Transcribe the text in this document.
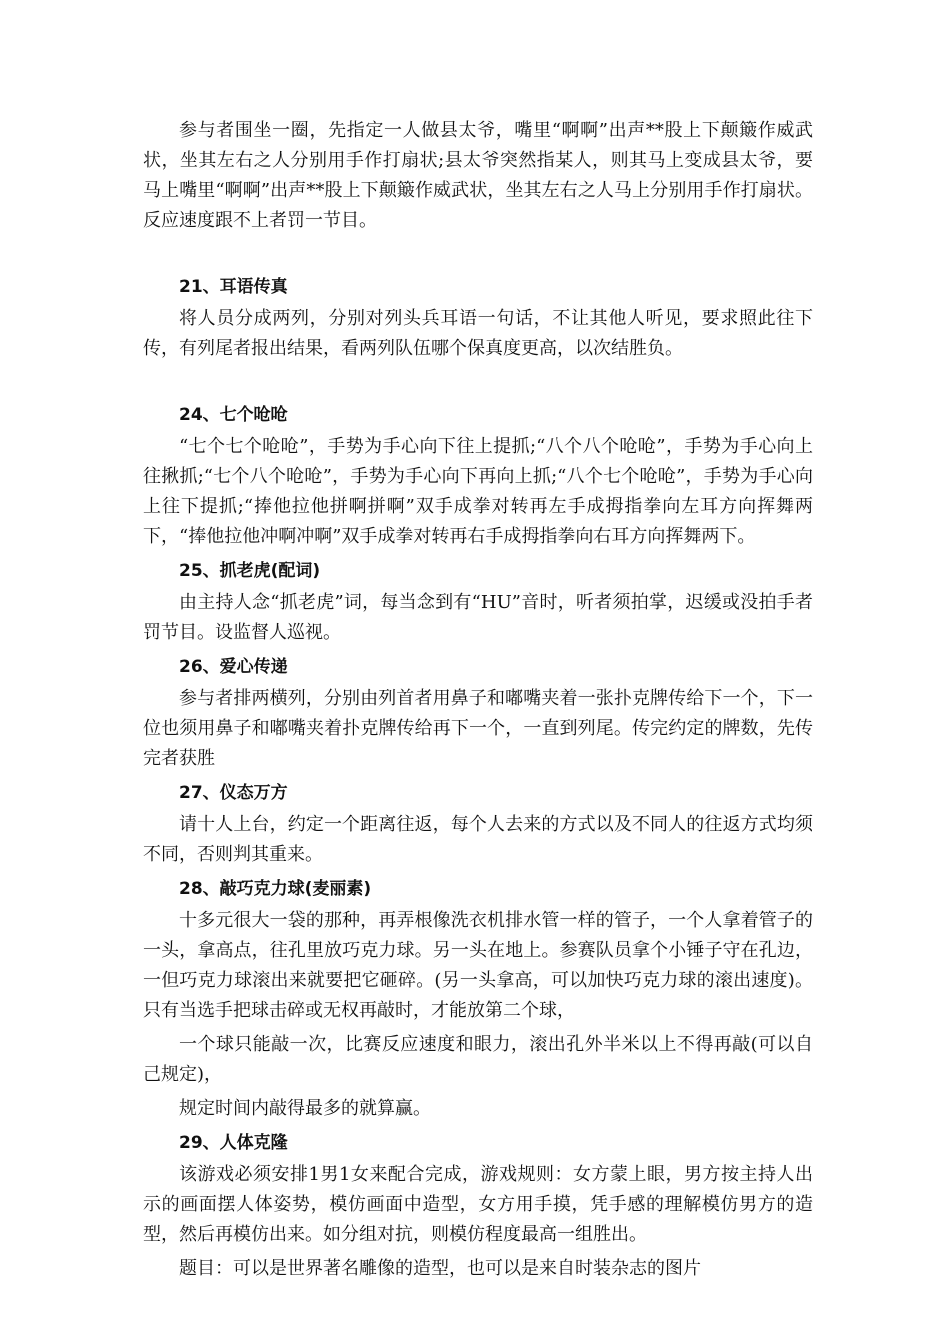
参与者围坐一圈，先指定一人做县太爷，嘴里“啊啊”出声**股上下颠簸作威武状，坐其左右之人分别用手作打扇状;县太爷突然指某人，则其马上变成县太爷，要马上嘴里“啊啊”出声**股上下颠簸作威武状，坐其左右之人马上分别用手作打扇状。反应速度跟不上者罚一节目。

21、耳语传真

将人员分成两列，分别对列头兵耳语一句话，不让其他人听见，要求照此往下传，有列尾者报出结果，看两列队伍哪个保真度更高，以次结胜负。

24、七个呛呛

“七个七个呛呛”，手势为手心向下往上提抓;“八个八个呛呛”，手势为手心向上往揪抓;“七个八个呛呛”，手势为手心向下再向上抓;“八个七个呛呛”，手势为手心向上往下提抓;“捧他拉他拼啊拼啊”双手成拳对转再左手成拇指拳向左耳方向挥舞两下，“捧他拉他冲啊冲啊”双手成拳对转再右手成拇指拳向右耳方向挥舞两下。

25、抓老虎(配词)

由主持人念“抓老虎”词，每当念到有“HU”音时，听者须拍掌，迟缓或没拍手者罚节目。设监督人巡视。

26、爱心传递

参与者排两横列，分别由列首者用鼻子和嘟嘴夹着一张扑克牌传给下一个，下一位也须用鼻子和嘟嘴夹着扑克牌传给再下一个，一直到列尾。传完约定的牌数，先传完者获胜

27、仪态万方

请十人上台，约定一个距离往返，每个人去来的方式以及不同人的往返方式均须不同，否则判其重来。

28、敲巧克力球(麦丽素)

十多元很大一袋的那种，再弄根像洗衣机排水管一样的管子，一个人拿着管子的一头，拿高点，往孔里放巧克力球。另一头在地上。参赛队员拿个小锤子守在孔边，一但巧克力球滚出来就要把它砸碎。(另一头拿高，可以加快巧克力球的滚出速度)。只有当选手把球击碎或无权再敲时，才能放第二个球，

一个球只能敲一次，比赛反应速度和眼力，滚出孔外半米以上不得再敲(可以自己规定)，

规定时间内敲得最多的就算赢。

29、人体克隆

该游戏必须安排1男1女来配合完成，游戏规则：女方蒙上眼，男方按主持人出示的画面摆人体姿势，模仿画面中造型，女方用手摸，凭手感的理解模仿男方的造型，然后再模仿出来。如分组对抗，则模仿程度最高一组胜出。

题目：可以是世界著名雕像的造型，也可以是来自时装杂志的图片
